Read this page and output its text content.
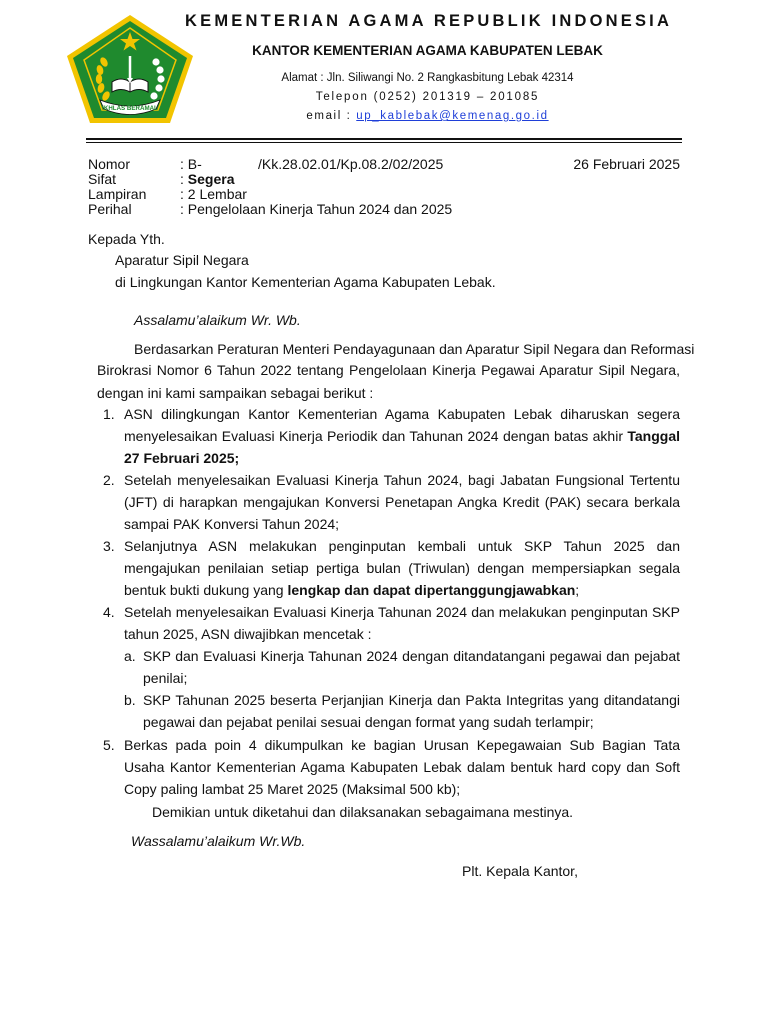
IKHLAS BERAMAL
KEMENTERIAN AGAMA REPUBLIK INDONESIA
KANTOR KEMENTERIAN AGAMA KABUPATEN LEBAK
Alamat : Jln. Siliwangi No. 2 Rangkasbitung Lebak 42314
Telepon (0252) 201319 – 201085
email : up_kablebak@kemenag.go.id
Nomor	: B-	/Kk.28.02.01/Kp.08.2/02/2025	26 Februari 2025
Sifat	: Segera
Lampiran : 2 Lembar
Perihal	: Pengelolaan Kinerja Tahun 2024 dan 2025
Kepada Yth.
Aparatur Sipil Negara
di Lingkungan Kantor Kementerian Agama Kabupaten Lebak.
Assalamu’alaikum Wr. Wb.
Berdasarkan Peraturan Menteri Pendayagunaan dan Aparatur Sipil Negara dan Reformasi
Birokrasi Nomor 6 Tahun 2022 tentang Pengelolaan Kinerja Pegawai Aparatur Sipil Negara,
dengan ini kami sampaikan sebagai berikut :
1. ASN dilingkungan Kantor Kementerian Agama Kabupaten Lebak diharuskan segera menyelesaikan Evaluasi Kinerja Periodik dan Tahunan 2024 dengan batas akhir Tanggal 27 Februari 2025;
2. Setelah menyelesaikan Evaluasi Kinerja Tahun 2024, bagi Jabatan Fungsional Tertentu (JFT) di harapkan mengajukan Konversi Penetapan Angka Kredit (PAK) secara berkala sampai PAK Konversi Tahun 2024;
3. Selanjutnya ASN melakukan penginputan kembali untuk SKP Tahun 2025 dan mengajukan penilaian setiap pertiga bulan (Triwulan) dengan mempersiapkan segala bentuk bukti dukung yang lengkap dan dapat dipertanggungjawabkan;
4. Setelah menyelesaikan Evaluasi Kinerja Tahunan 2024 dan melakukan penginputan SKP tahun 2025, ASN diwajibkan mencetak :
a. SKP dan Evaluasi Kinerja Tahunan 2024 dengan ditandatangani pegawai dan pejabat penilai;
b. SKP Tahunan 2025 beserta Perjanjian Kinerja dan Pakta Integritas yang ditandatangi pegawai dan pejabat penilai sesuai dengan format yang sudah terlampir;
5. Berkas pada poin 4 dikumpulkan ke bagian Urusan Kepegawaian Sub Bagian Tata Usaha Kantor Kementerian Agama Kabupaten Lebak dalam bentuk hard copy dan Soft Copy paling lambat 25 Maret 2025 (Maksimal 500 kb);
Demikian untuk diketahui dan dilaksanakan sebagaimana mestinya.
Wassalamu’alaikum Wr.Wb.
Plt. Kepala Kantor,
